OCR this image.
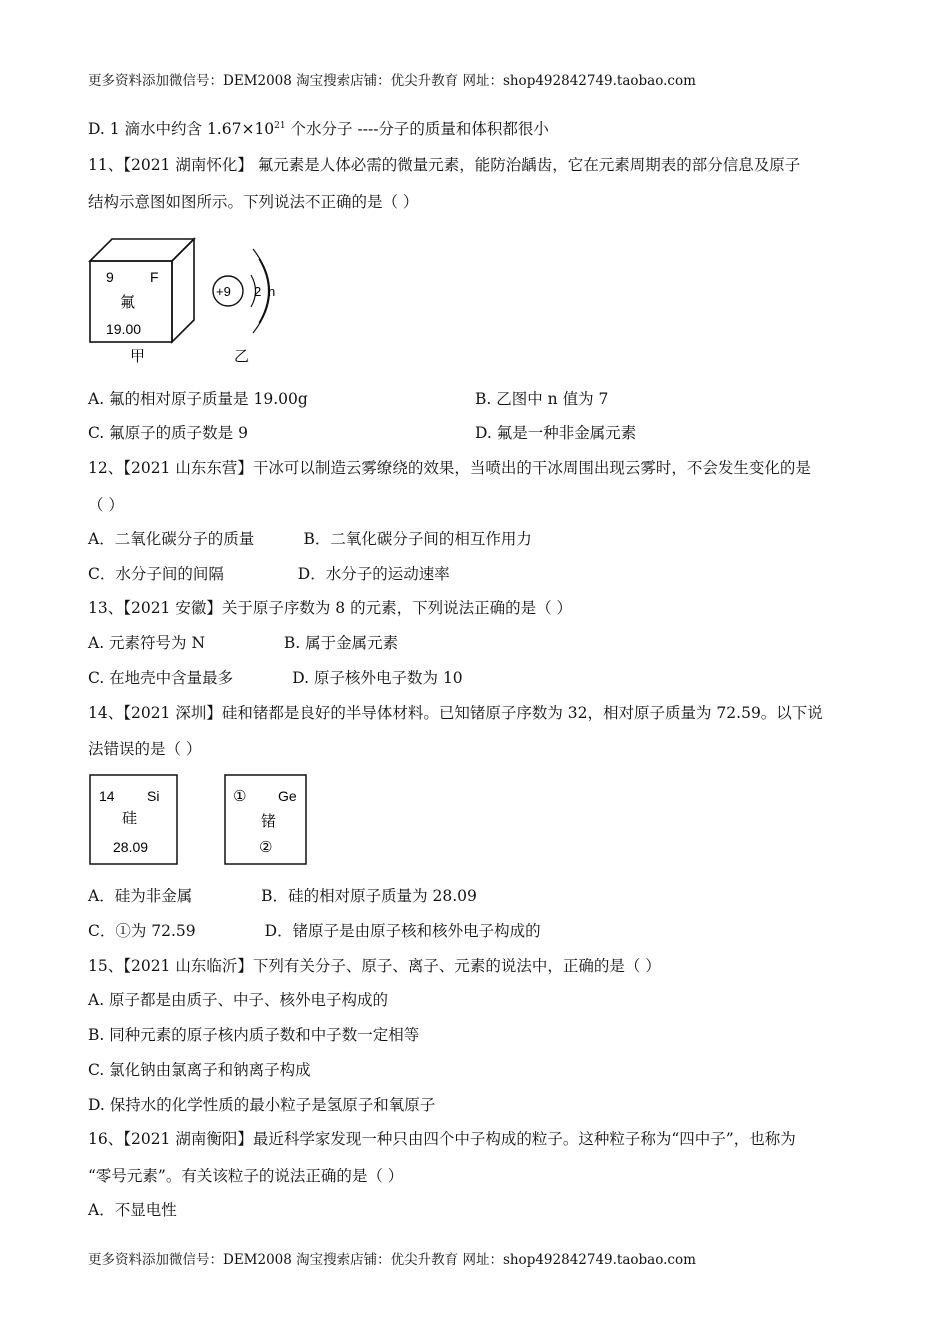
更多资料添加微信号：DEM2008 淘宝搜索店铺：优尖升教育 网址：shop492842749.taobao.com
D. 1 滴水中约含 $1.67\times 10^{21}$ 个水分子 ----分子的质量和体积都很小
11、【2021 湖南怀化】 氟元素是人体必需的微量元素，能防治龋齿，它在元素周期表的部分信息及原子
结构示意图如图所示。下列说法不正确的是（ ）
9	F
氟
19.00
甲
+9 2 n
乙
A. 氟的相对原子质量是 19.00g	B. 乙图中 n 值为 7
C. 氟原子的质子数是 9	D. 氟是一种非金属元素
12、【2021 山东东营】干冰可以制造云雾缭绕的效果，当喷出的干冰周围出现云雾时，不会发生变化的是
（ ）
A．二氧化碳分子的质量          B．二氧化碳分子间的相互作用力
C．水分子间的间隔               D．水分子的运动速率
13、【2021 安徽】关于原子序数为 8 的元素，下列说法正确的是（ ）
A. 元素符号为 N                B. 属于金属元素
C. 在地壳中含量最多            D. 原子核外电子数为 10
14、【2021 深圳】硅和锗都是良好的半导体材料。已知锗原子序数为 32，相对原子质量为 72.59。以下说
法错误的是（ ）
14 Si
硅
28.09
① Ge
锗
②
A．硅为非金属              B．硅的相对原子质量为 28.09
C．①为 72.59              D．锗原子是由原子核和核外电子构成的
15、【2021 山东临沂】下列有关分子、原子、离子、元素的说法中，正确的是（ ）
A. 原子都是由质子、中子、核外电子构成的
B. 同种元素的原子核内质子数和中子数一定相等
C. 氯化钠由氯离子和钠离子构成
D. 保持水的化学性质的最小粒子是氢原子和氧原子
16、【2021 湖南衡阳】最近科学家发现一种只由四个中子构成的粒子。这种粒子称为“四中子”，也称为
“零号元素”。有关该粒子的说法正确的是（ ）
A．不显电性
更多资料添加微信号：DEM2008 淘宝搜索店铺：优尖升教育 网址：shop492842749.taobao.com
